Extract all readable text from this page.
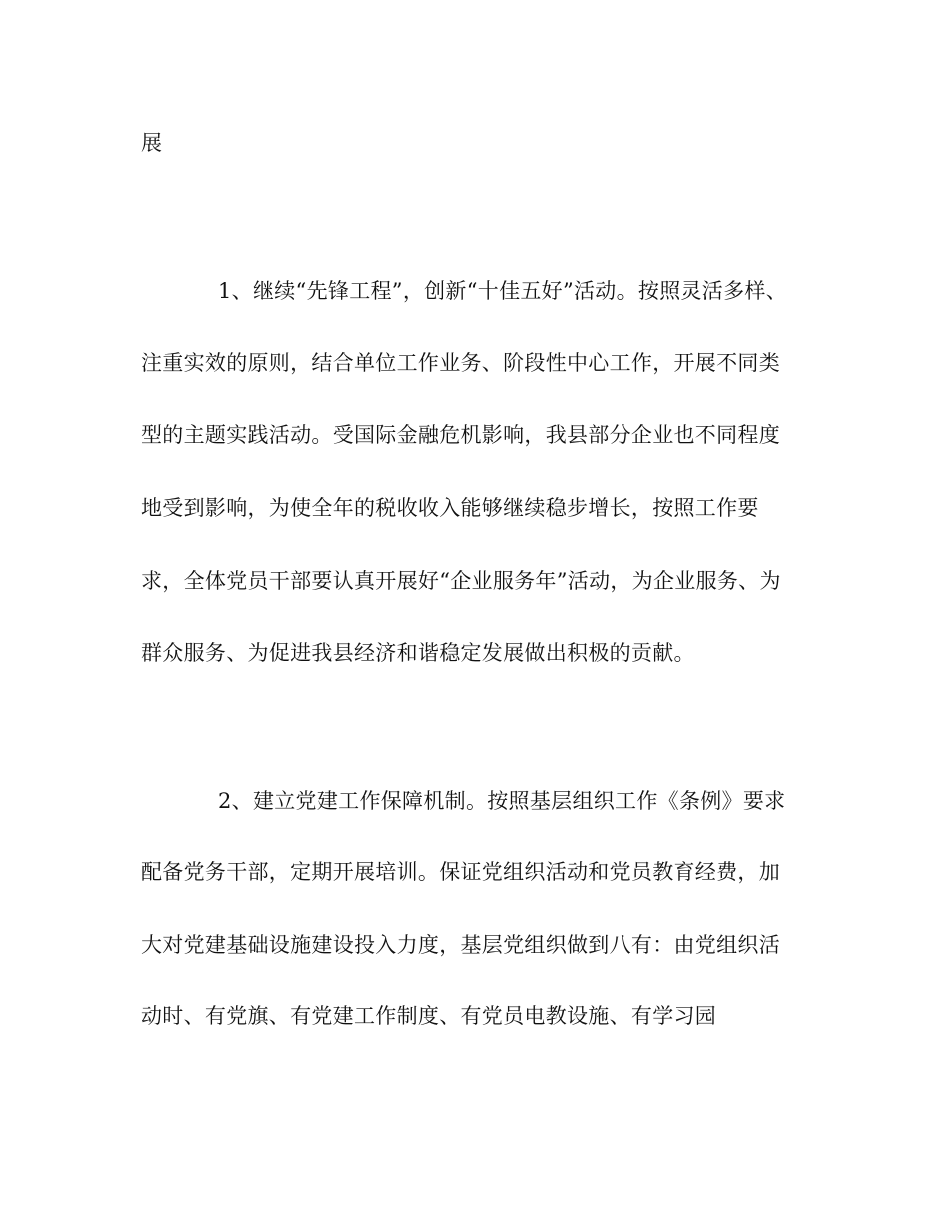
展
1、继续“先锋工程”，创新“十佳五好”活动。按照灵活多样、
注重实效的原则，结合单位工作业务、阶段性中心工作，开展不同类
型的主题实践活动。受国际金融危机影响，我县部分企业也不同程度
地受到影响，为使全年的税收收入能够继续稳步增长，按照工作要
求，全体党员干部要认真开展好“企业服务年”活动，为企业服务、为
群众服务、为促进我县经济和谐稳定发展做出积极的贡献。
2、建立党建工作保障机制。按照基层组织工作《条例》要求
配备党务干部，定期开展培训。保证党组织活动和党员教育经费，加
大对党建基础设施建设投入力度，基层党组织做到八有：由党组织活
动时、有党旗、有党建工作制度、有党员电教设施、有学习园
